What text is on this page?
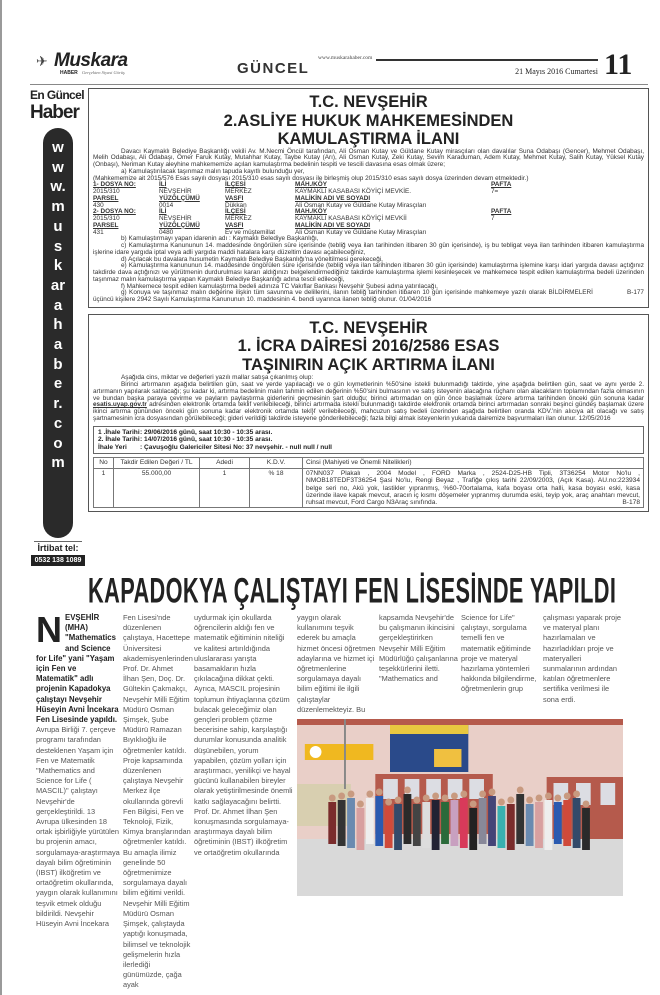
✈ Muskara
HABER Gerçekten Siyasi Görüş	GÜNCEL
www.muskarahaber.com
21 Mayıs 2016 Cumartesi 11
En Güncel
Haber
www.muskarahaber.com
İrtibat tel:
0532 138 1089
T.C. NEVŞEHİR
2.ASLİYE HUKUK MAHKEMESİNDEN
KAMULAŞTIRMA İLANI

Davacı Kaymaklı Belediye Başkanlığı vekili Av. M.Necmi Öncül tarafından, Ali Osman Kutay ve Güldane Kutay mirasçıları olan davalılar Suna Odabaşı (Gencer), Mehmet Odabaşı, Melih Odabaşı, Ali Odabaşı, Ömer Faruk Kutay, Mutahhar Kutay, Taybe Kutay (Arı), Ali Osman Kutay, Zeki Kutay, Sevim Karaduman, Adem Kutay, Mehmet Kutay, Salih Kutay, Yüksel Kutay (Onbaşı), Neriman Kutay aleyhine mahkememize açılan kamulaştırma bedelinin tespiti ve tescili davasına esas olmak üzere;

a) Kamulaştırılacak taşınmaz malın tapuda kayıtlı bulunduğu yer,

(Mahkememize ait 2015/576 Esas sayılı dosyası 2015/310 esas sayılı dosyası ile birleşmiş olup 2015/310 esas sayılı dosya üzerinden devam etmektedir.)

1- DOSYA NO:	İLİ	İLÇESİ	MAH./KÖY	PAFTA
2015/310	NEVŞEHİR	MERKEZ	KAYMAKLI KASABASI KÖYİÇİ MEVKİE.	7=
PARSEL	YÜZÖLÇÜMÜ	VASFI	MALİKİN ADI VE SOYADI
430	0014	Dükkan	Ali Osman Kutay ve Güldane Kutay Mirasçıları
2- DOSYA NO:	İLİ	İLÇESİ	MAH./KÖY	PAFTA
2015/310	NEVŞEHİR	MERKEZ	KAYMAKLI KASABASI KÖYİÇİ MEVKİİ	7
PARSEL	YÜZÖLÇÜMÜ	VASFI	MALİKİN ADI VE SOYADI
431	0480	Ev ve müştemillat	Ali Osman Kutay ve Güldane Kutay Mirasçıları

b) Kamulaştırmayı yapan idarenin adı : Kaymaklı Belediye Başkanlığı,

c) Kamulaştırma Kanununun 14. maddesinde öngörülen süre içerisinde (tebliğ veya ilan tarihinden itibaren 30 gün içerisinde), iş bu tebligat veya ilan tarihinden itibaren kamulaştırma işlerine idare yargıda iptal veya adli yargıda maddi hatalara karşı düzeltim davası açabileceğiniz,

d) Açılacak bu davalara husumetin Kaymaklı Belediye Başkanlığı'na yöneltilmesi gerekeceği,

e) Kamulaştırma kanununun 14. maddesinde öngörülen süre içerisinde (tebliğ veya ilan tarihinden itibaren 30 gün içerisinde) kamulaştırma işlemine karşı idari yargıda davası açtığınız takdirde dava açtığınızı ve yürütmenin durdurulması kararı aldığınızı belgelendirmediğiniz takdirde kamulaştırma işlemi kesinleşecek ve mahkemece tespit edilen kamulaştırma bedeli üzerinden taşınmaz malın kamulaştırma yapan Kaymaklı Belediye Başkanlığı adına tescil edileceği,

f) Mahkemece tespit edilen kamulaştırma bedeli adınıza TC Vakıflar Bankası Nevşehir Şubesi adına yatırılacağı,

B-177
g) Konuya ve taşınmaz malın değerine ilişkin tüm savunma ve delillerini, ilanın tebliğ tarihinden itibaren 10 gün içerisinde mahkemeye yazılı olarak BİLDİRMELERİ üçüncü kişilere 2942 Sayılı Kamulaştırma Kanununun 10. maddesinin 4. bendi uyarınca ilanen tebliğ olunur. 01/04/2016

T.C. NEVŞEHİR
1. İCRA DAİRESİ 2016/2586 ESAS
TAŞINIRIN AÇIK ARTIRMA İLANI

Aşağıda cins, miktar ve değerleri yazılı mallar satışa çıkarılmış olup:

Birinci artırmanın aşağıda belirtilen gün, saat ve yerde yapılacağı ve o gün kıymetlerinin %50'sine istekli bulunmadığı taktirde, yine aşağıda belirtilen gün, saat ve aynı yerde 2. artırmanın yapılarak satılacağı; şu kadar ki, artırma bedelinin malın tahmin edilen değerinin %50'sini bulmasının ve satış isteyenin alacağına rüçhanı olan alacakların toplamından fazla olmasının ve bundan başka paraya çevirme ve payların paylaştırma giderlerini geçmesinin şart olduğu; birinci artırmadan on gün önce başlamak üzere artırma tarihinden önceki gün sonuna kadar esatis.uyap.gov.tr adresinden elektronik ortamda teklif verilebileceği, birinci artırmada istekli bulunmadığı takdirde elektronik ortamda birinci artırmadan sonraki beşinci gündeş başlamak üzere ikinci artırma gününden önceki gün sonuna kadar elektronik ortamda tekl}f verilebileceği, mahcuzun satış bedeli üzerinden aşağıda belirtilen oranda KDV.'nin alıcıya ait olacağı ve satış şartnamesinin icra dosyasından görülebileceği; gideri verildiği takdirde isteyene gönderilebileceği; fazla bilgi almak isteyenlerin yukarıda dairemize başvurmaları ilan olunur. 12/05/2016

1 .İhale Tarihi: 29/06/2016 günü, saat 10:30 - 10:35 arası.
2. İhale Tarihi: 14/07/2016 günü, saat 10:30 - 10:35 arası.
İhale Yeri : Çavuşoğlu Galericiler Sitesi No: 37 nevşehir. - null null / null
No	Takdir Edilen Değeri / TL	Adedi	K.D.V.	Cinsi (Mahiyeti ve Önemli Nitelikleri)
1	55.000,00	1	% 18	07NN037 Plakalı , 2004 Model , FORD Marka , 2524-D25-HB Tipli, 3T36254 Motor No'lu , NMOB18TEDF3T36254 Şasi No'lu, Rengi Beyaz , Trafiğe çıkış tarihi 22/09/2003, (Açık Kasa). AU.no:223934 belge seri no, Akü yok, lastikler yıpranmış, %60-70ortalama, kafa boyası orta halli, kasa boyası eski, kasa üzerinde ilave kapak mevcut, aracın iç kısmı döşemeler yıpranmış durumda eski, teyip yok, araç anahtarı mevcut, ruhsat mevcut, Ford Cargo N3Araç sınıfında. B-178
KAPADOKYA ÇALIŞTAYI FEN LİSESİNDE YAPILDI
N EVŞEHİR (MHA) "Mathematics and Science for Life" yani "Yaşam için Fen ve Matematik" adlı projenin Kapadokya çalıştayı Nevşehir Hüseyin Avni İncekara Fen Lisesinde yapıldı. Avrupa Birliği 7. çerçeve programı tarafından desteklenen Yaşam için Fen ve Matematik "Mathematics and Science for Life ( MASCIL)" çalıştayı Nevşehir'de gerçekleştirildi. 13 Avrupa ülkesinden 18 ortak işbirliğiyle yürütülen bu projenin amacı, sorgulamaya-araştırmaya dayalı bilim öğretiminin (IBST) ilköğretim ve ortaöğretim okullarında, yaygın olarak kullanımını teşvik etmek olduğu bildirildi. Nevşehir Hüseyin Avni İncekara
Fen Lisesi'nde düzenlenen çalıştaya, Hacettepe Üniversitesi akademisyenlerinden Prof. Dr. Ahmet İlhan Şen, Doç. Dr. Gültekin Çakmakçı, Nevşehir Milli Eğitim Müdürü Osman Şimşek, Şube Müdürü Ramazan Bıyıklıoğlu ile öğretmenler katıldı. Proje kapsamında düzenlenen çalıştaya Nevşehir Merkez ilçe okullarında görevli Fen Bilgisi, Fen ve Teknoloji, Fizik, Kimya branşlarından öğretmenler katıldı. Bu amaçla ilimiz genelinde 50 öğretmenimize sorgulamaya dayalı bilim eğitimi verildi. Nevşehir Milli Eğitim Müdürü Osman Şimşek, çalıştayda yaptığı konuşmada, bilimsel ve teknolojik gelişmelerin hızla ilerlediği günümüzde, çağa ayak
uydurmak için okullarda öğrencilerin aldığı fen ve matematik eğitiminin niteliği ve kalitesi artırıldığında uluslararası yarışta basamakların hızla çıkılacağına dikkat çekti. Ayrıca, MASCIL projesinin toplumun ihtiyaçlarına çözüm bulacak geleceğimiz olan gençleri problem çözme becerisine sahip, karşılaştığı durumlar konusunda analitik düşünebilen, yorum yapabilen, çözüm yolları için araştırmacı, yenilikçi ve hayal gücünü kullanabilen bireyler olarak yetiştirilmesinde önemli katkı sağlayacağını belirtti. Prof. Dr. Ahmet İlhan Şen konuşmasında sorgulamaya-araştırmaya dayalı bilim öğretiminin (IBST) ilköğretim ve ortaöğretim okullarında
yaygın olarak kullanımını teşvik ederek bu amaçla hizmet öncesi öğretmen adaylarına ve hizmet içi öğretmenlerine sorgulamaya dayalı bilim eğitimi ile ilgili çalıştaylar düzenlemekteyiz. Bu
kapsamda Nevşehir'de bu çalışmanın ikincisini gerçekleştirirken Nevşehir Milli Eğitim Müdürlüğü çalışanlarına teşekkürlerini iletti. "Mathematics and
Science for Life" çalıştayı, sorgulama temelli fen ve matematik eğitiminde proje ve materyal hazırlama yöntemleri hakkında bilgilendirme, öğretmenlerin grup
çalışması yaparak proje ve materyal planı hazırlamaları ve hazırladıkları proje ve materyalleri sunmalarının ardından katılan öğretmenlere sertifika verilmesi ile sona erdi.
